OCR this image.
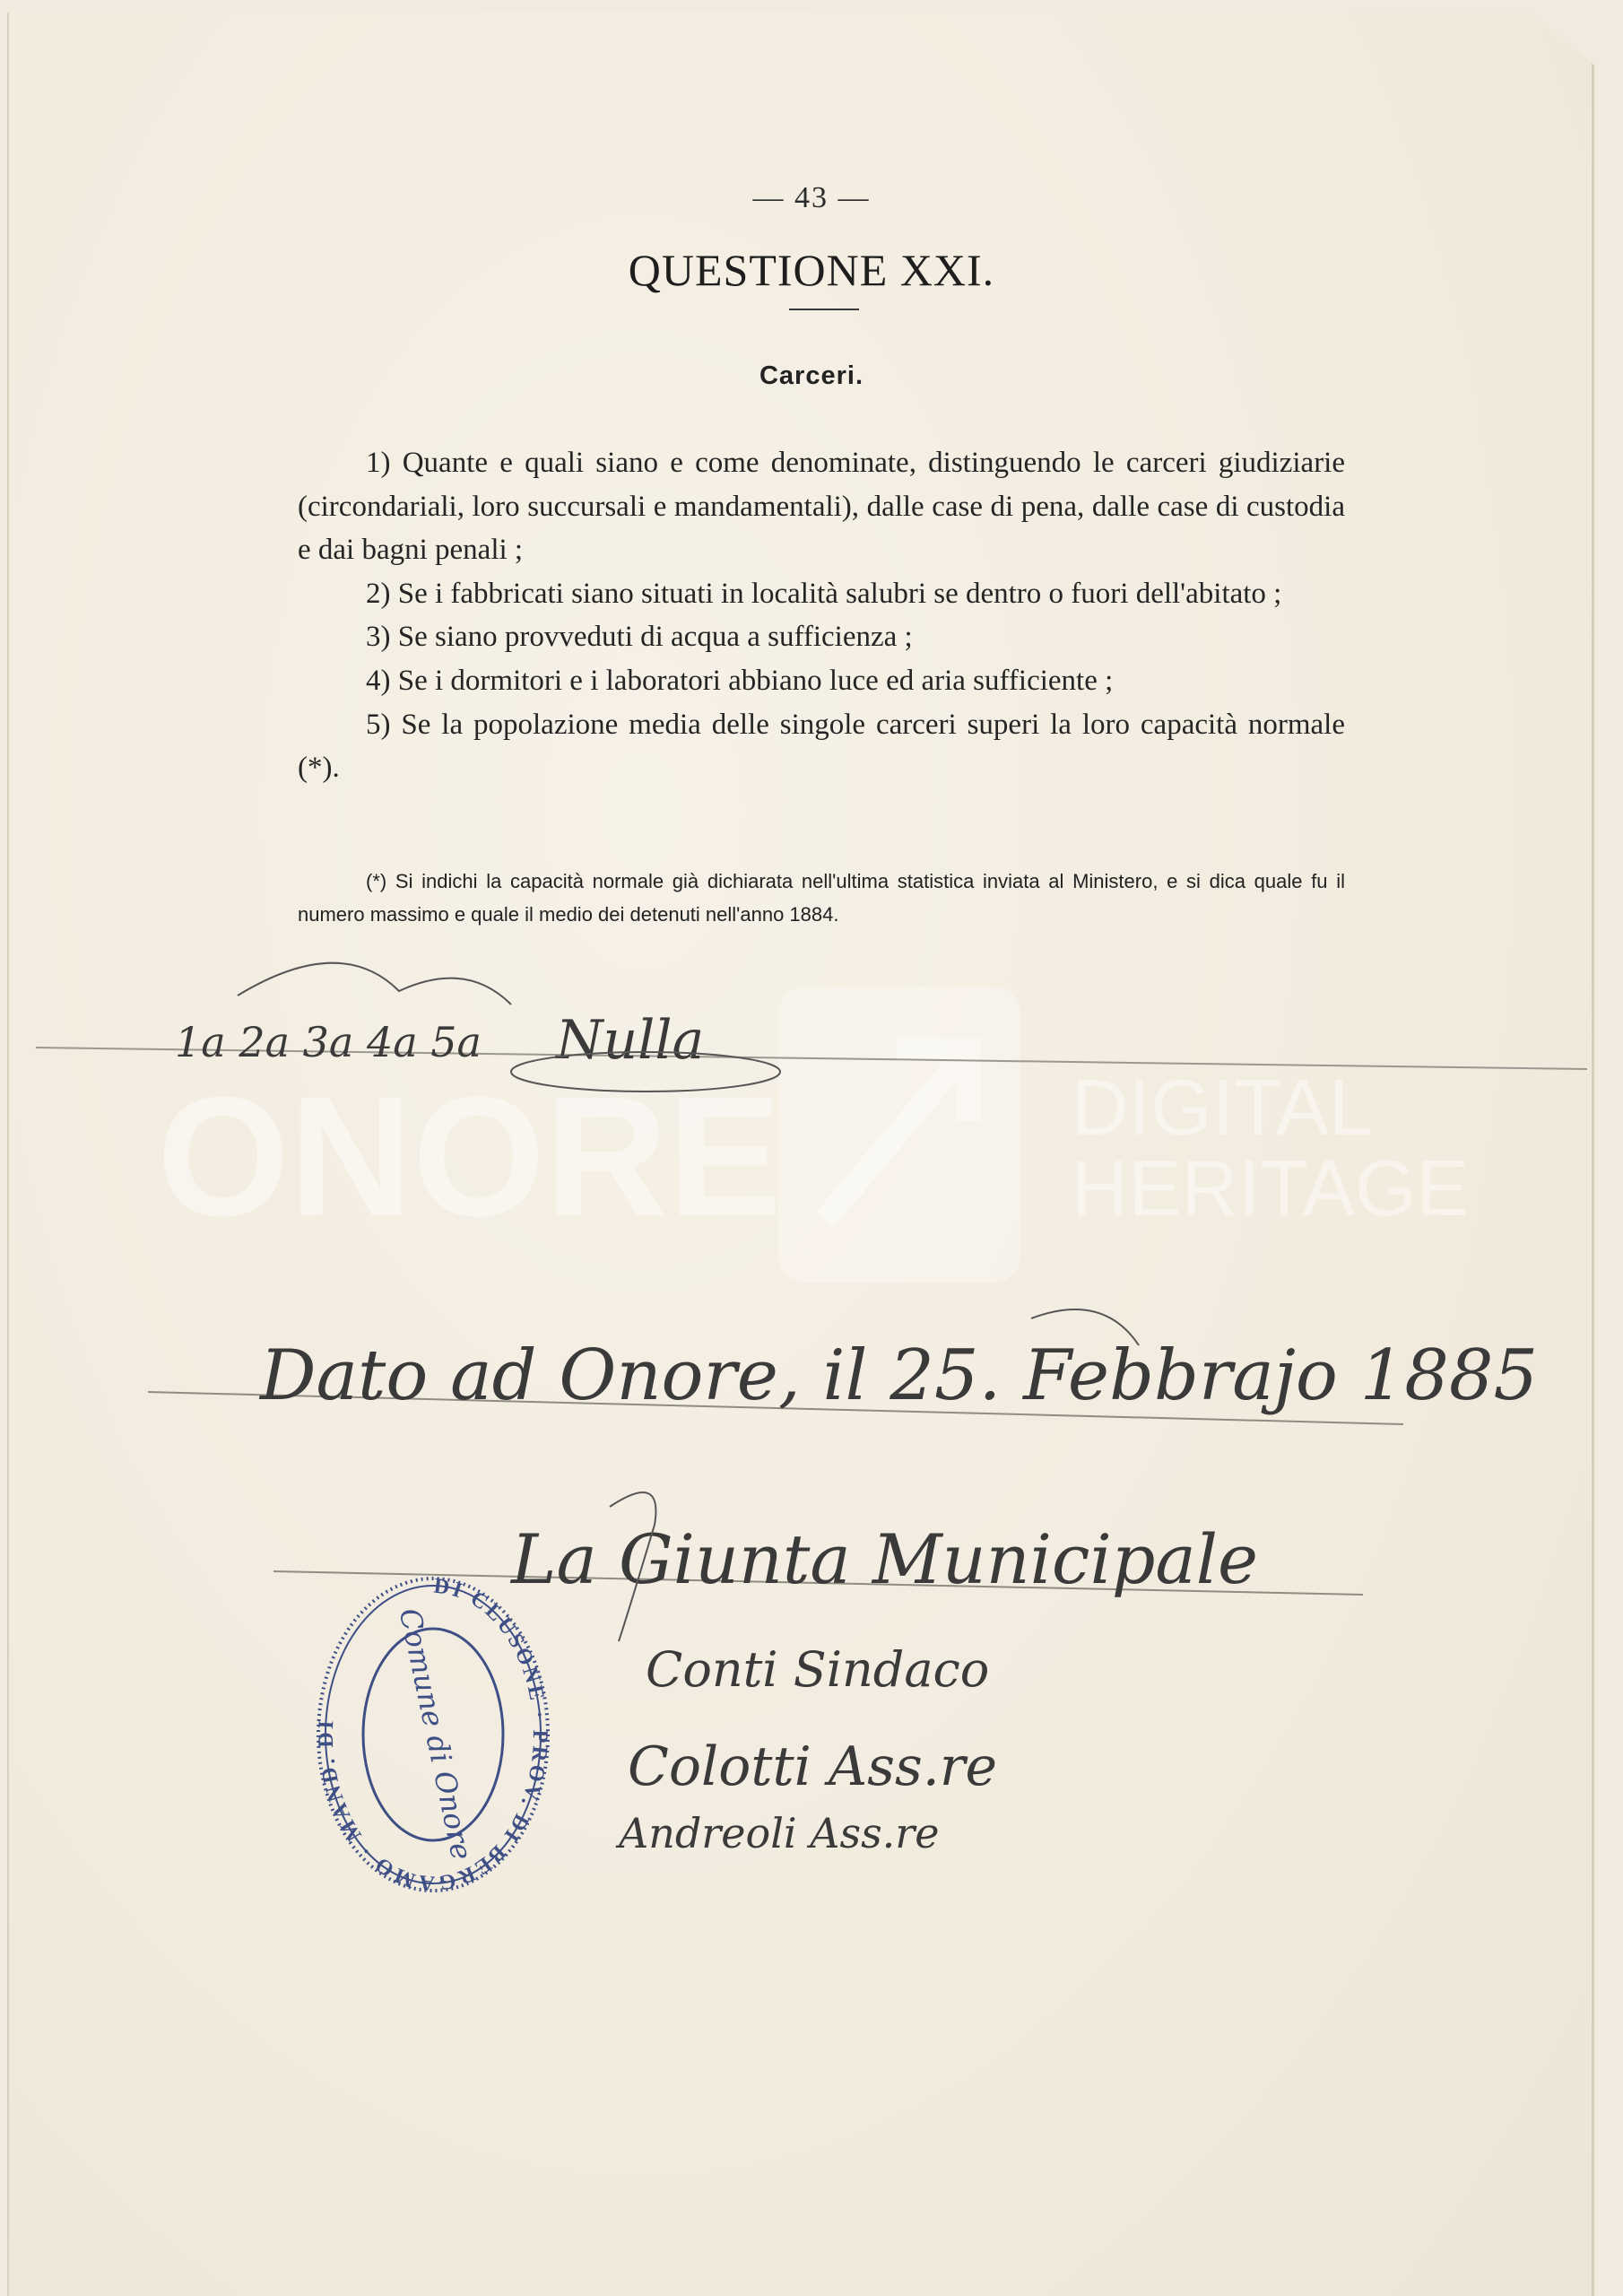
— 43 —
QUESTIONE XXI.
Carceri.

1) Quante e quali siano e come denominate, distinguendo le carceri giudiziarie (circondariali, loro succursali e mandamentali), dalle case di pena, dalle case di custodia e dai bagni penali ;

2) Se i fabbricati siano situati in località salubri se dentro o fuori dell'abitato ;

3) Se siano provveduti di acqua a sufficienza ;

4) Se i dormitori e i laboratori abbiano luce ed aria sufficiente ;

5) Se la popolazione media delle singole carceri superi la loro capacità normale (*).

(*) Si indichi la capacità normale già dichiarata nell'ultima statistica inviata al Ministero, e si dica quale fu il numero massimo e quale il medio dei detenuti nell'anno 1884.

ONORE	DIGITAL
HERITAGE
1a 2a 3a 4a 5a Nulla
Dato ad Onore, il 25. Febbrajo 1885
La Giunta Municipale
Conti Sindaco
Colotti Ass.re
Andreoli Ass.re
DI CLUSONE · PROV. DI BERGAMO · MAND. DI	Comune di Onore
